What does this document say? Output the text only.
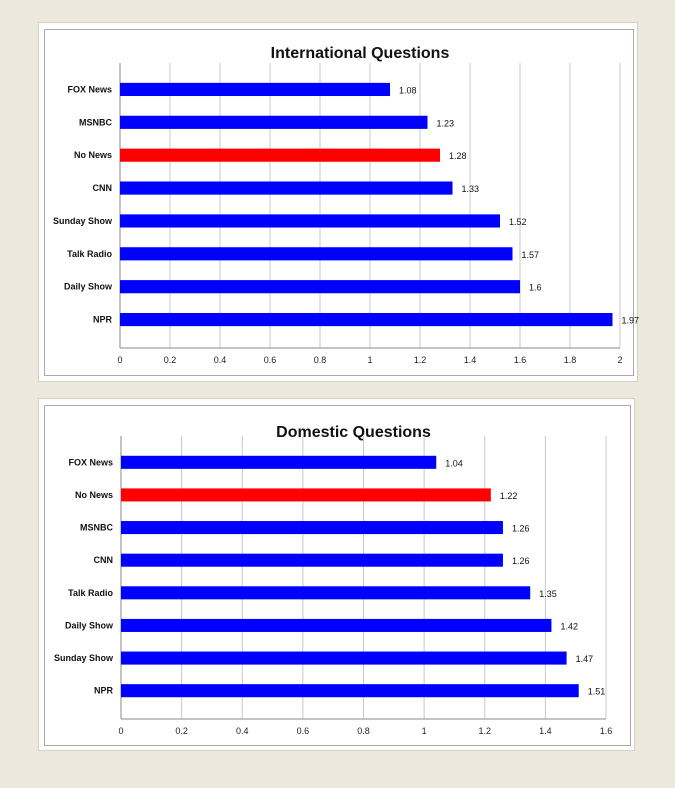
International Questions
0	0.2	0.4	0.6	0.8	1	1.2	1.4	1.6	1.8	2
FOX News	1.08
MSNBC	1.23
No News	1.28
CNN	1.33
Sunday Show	1.52
Talk Radio	1.57
Daily Show	1.6
NPR	1.97
Domestic Questions
0	0.2	0.4	0.6	0.8	1	1.2	1.4	1.6
FOX News	1.04
No News	1.22
MSNBC	1.26
CNN	1.26
Talk Radio	1.35
Daily Show	1.42
Sunday Show	1.47
NPR	1.51
